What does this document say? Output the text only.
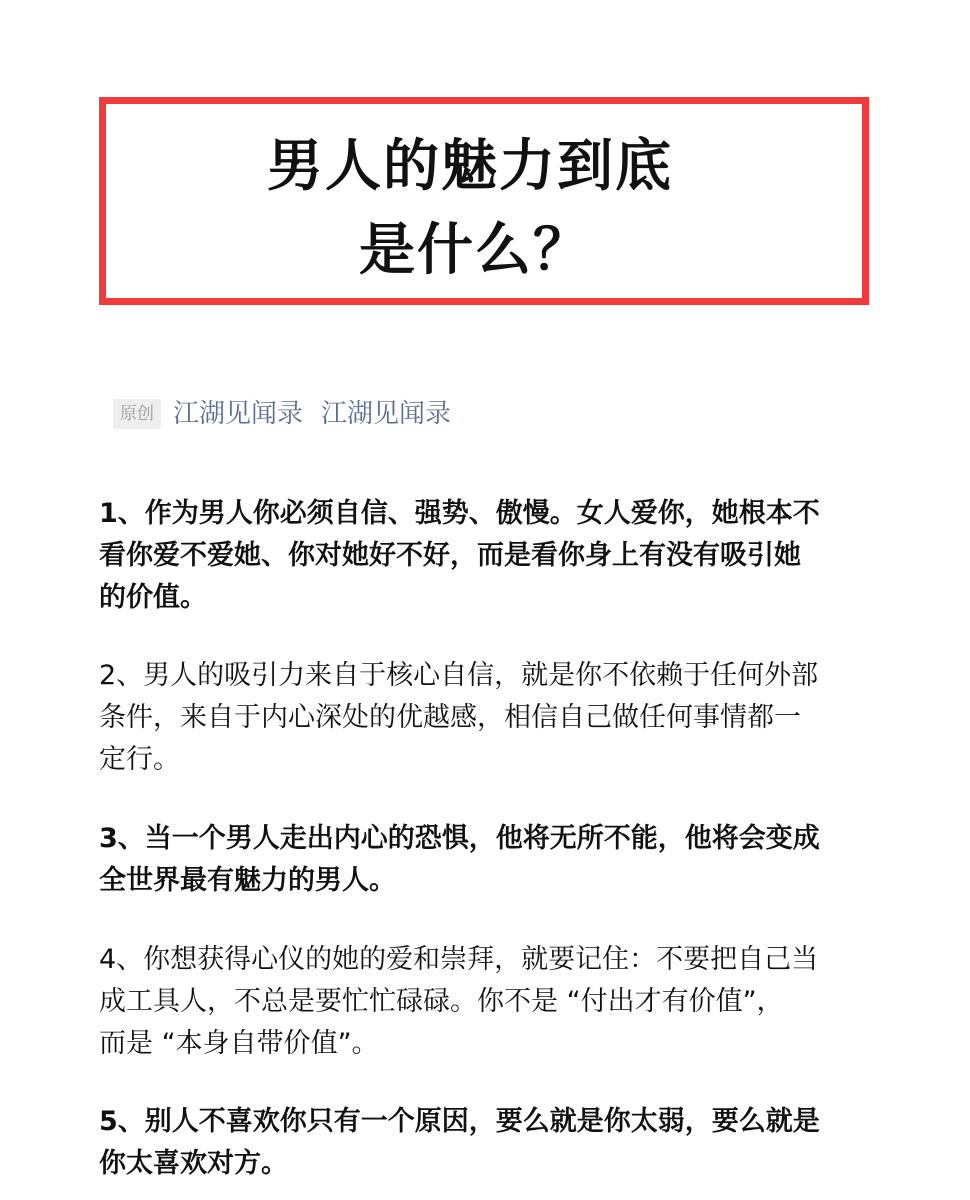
男人的魅力到底
是什么？
原创 江湖见闻录 江湖见闻录
1、作为男人你必须自信、强势、傲慢。女人爱你，她根本不
看你爱不爱她、你对她好不好，而是看你身上有没有吸引她
的价值。
2、男人的吸引力来自于核心自信，就是你不依赖于任何外部
条件，来自于内心深处的优越感，相信自己做任何事情都一
定行。
3、当一个男人走出内心的恐惧，他将无所不能，他将会变成
全世界最有魅力的男人。
4、你想获得心仪的她的爱和崇拜，就要记住：不要把自己当
成工具人，不总是要忙忙碌碌。你不是 “付出才有价值”，
而是 “本身自带价值”。
5、别人不喜欢你只有一个原因，要么就是你太弱，要么就是
你太喜欢对方。
